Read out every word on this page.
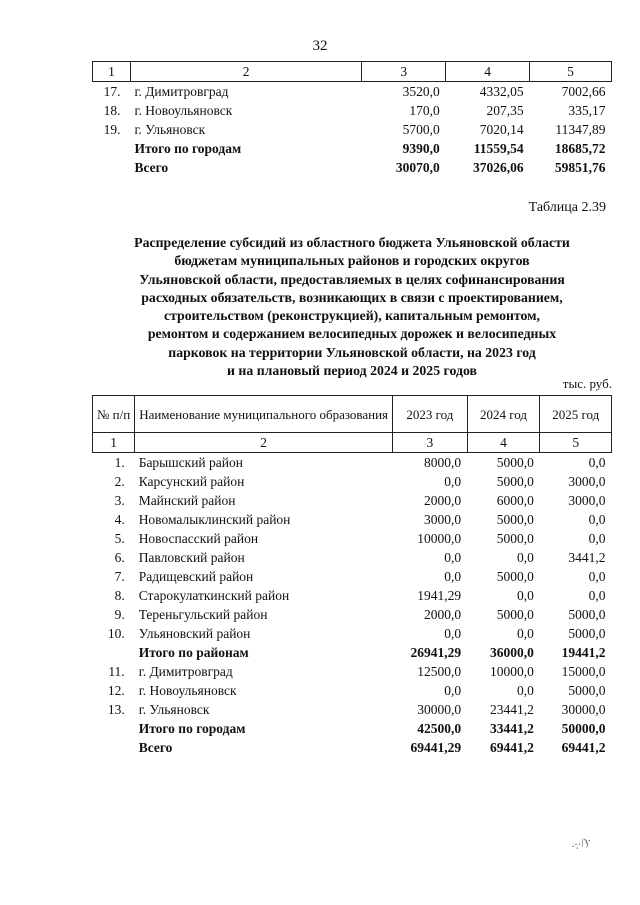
32
1	2	3	4	5
17.	г. Димитровград	3520,0	4332,05	7002,66
18.	г. Новоульяновск	170,0	207,35	335,17
19.	г. Ульяновск	5700,0	7020,14	11347,89
	Итого по городам	9390,0	11559,54	18685,72
	Всего	30070,0	37026,06	59851,76
Таблица 2.39
Распределение субсидий из областного бюджета Ульяновской области
бюджетам муниципальных районов и городских округов
Ульяновской области, предоставляемых в целях софинансирования
расходных обязательств, возникающих в связи с проектированием,
строительством (реконструкцией), капитальным ремонтом,
ремонтом и содержанием велосипедных дорожек и велосипедных
парковок на территории Ульяновской области, на 2023 год
и на плановый период 2024 и 2025 годов
тыс. руб.
№ п/п	Наименование муниципального образования	2023 год	2024 год	2025 год
1	2	3	4	5
1.	Барышский район	8000,0	5000,0	0,0
2.	Карсунский район	0,0	5000,0	3000,0
3.	Майнский район	2000,0	6000,0	3000,0
4.	Новомалыклинский район	3000,0	5000,0	0,0
5.	Новоспасский район	10000,0	5000,0	0,0
6.	Павловский район	0,0	0,0	3441,2
7.	Радищевский район	0,0	5000,0	0,0
8.	Старокулаткинский район	1941,29	0,0	0,0
9.	Тереньгульский район	2000,0	5000,0	5000,0
10.	Ульяновский район	0,0	0,0	5000,0
	Итого по районам	26941,29	36000,0	19441,2
11.	г. Димитровград	12500,0	10000,0	15000,0
12.	г. Новоульяновск	0,0	0,0	5000,0
13.	г. Ульяновск	30000,0	23441,2	30000,0
	Итого по городам	42500,0	33441,2	50000,0
	Всего	69441,29	69441,2	69441,2
·:·/)·
